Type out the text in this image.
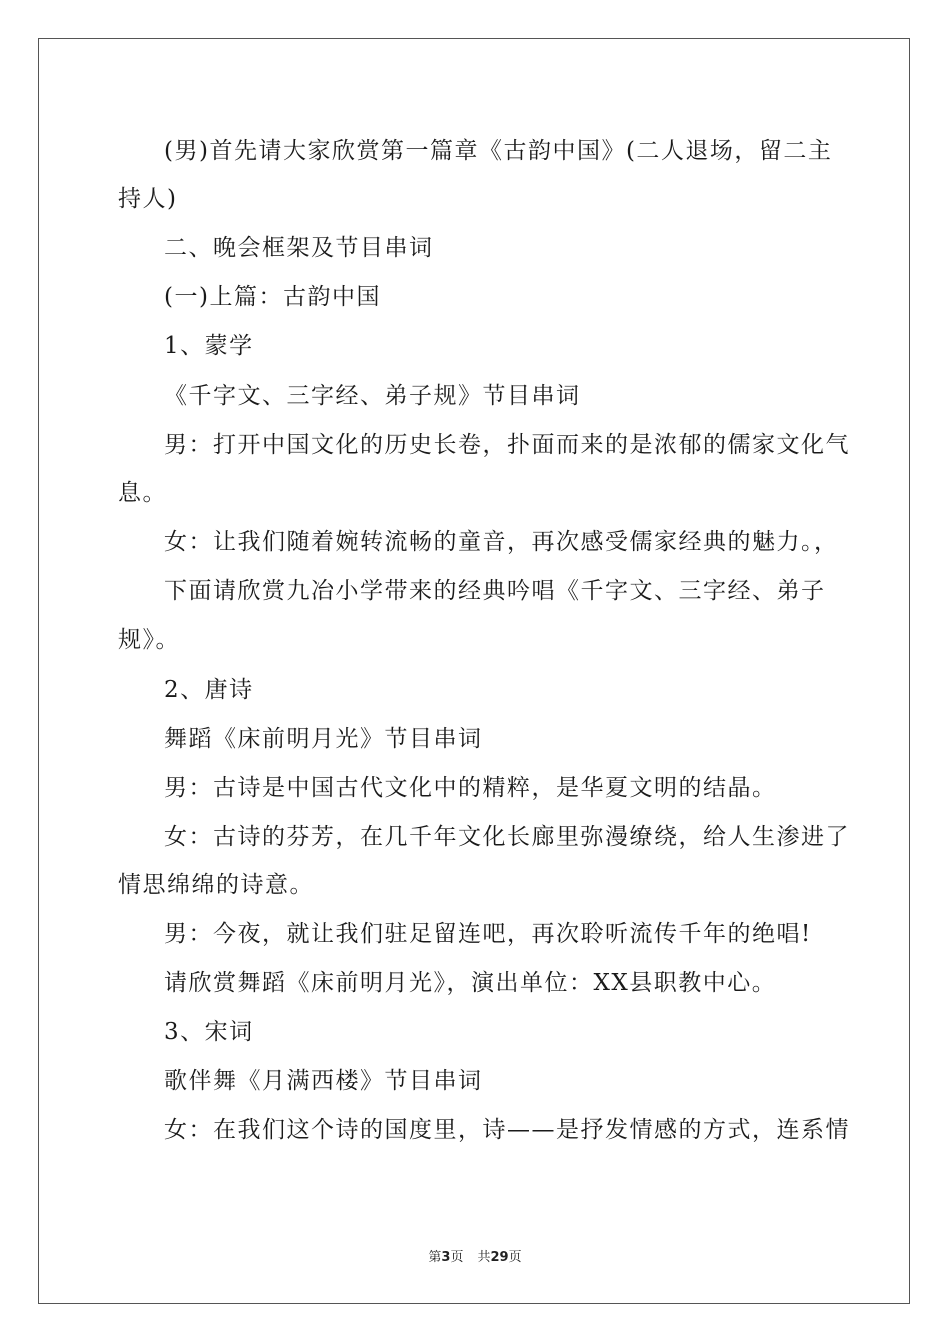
(男)首先请大家欣赏第一篇章《古韵中国》(二人退场，留二主
持人)
二、晚会框架及节目串词
(一)上篇：古韵中国
1、蒙学
《千字文、三字经、弟子规》节目串词
男：打开中国文化的历史长卷，扑面而来的是浓郁的儒家文化气
息。
女：让我们随着婉转流畅的童音，再次感受儒家经典的魅力。，
下面请欣赏九冶小学带来的经典吟唱《千字文、三字经、弟子
规》。
2、唐诗
舞蹈《床前明月光》节目串词
男：古诗是中国古代文化中的精粹，是华夏文明的结晶。
女：古诗的芬芳，在几千年文化长廊里弥漫缭绕，给人生渗进了
情思绵绵的诗意。
男：今夜，就让我们驻足留连吧，再次聆听流传千年的绝唱!
请欣赏舞蹈《床前明月光》，演出单位：XX县职教中心。
3、宋词
歌伴舞《月满西楼》节目串词
女：在我们这个诗的国度里，诗——是抒发情感的方式，连系情
第3页 共29页
